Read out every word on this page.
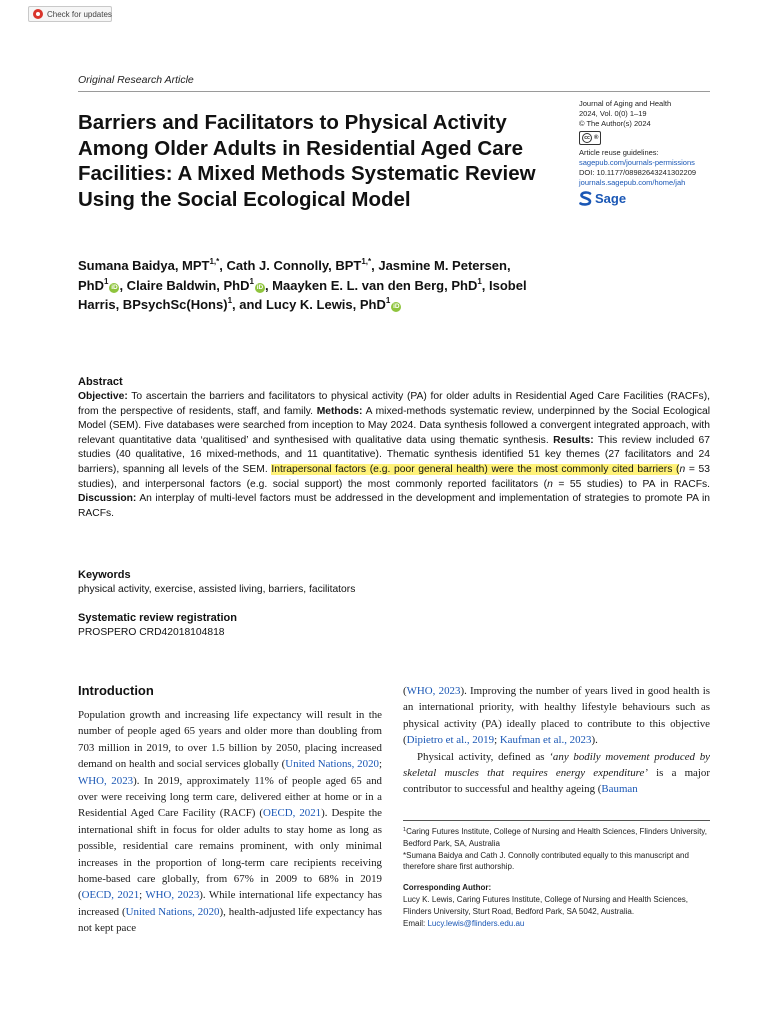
Check for updates
Original Research Article
Barriers and Facilitators to Physical Activity Among Older Adults in Residential Aged Care Facilities: A Mixed Methods Systematic Review Using the Social Ecological Model
Journal of Aging and Health
2024, Vol. 0(0) 1–19
© The Author(s) 2024
cc ®
Article reuse guidelines:
sagepub.com/journals-permissions
DOI: 10.1177/08982643241302209
journals.sagepub.com/home/jah
Sage
Sumana Baidya, $MPT^{1,*}$, Cath J. Connolly, $BPT^{1,*}$, Jasmine M. Petersen, PhD$^1$iD , Claire Baldwin, PhD$^1$iD , Maayken E. L. van den Berg, PhD$^1$, Isobel Harris, BPsychSc(Hons)$^1$, and Lucy K. Lewis, PhD$^1$iD
Abstract
Objective: To ascertain the barriers and facilitators to physical activity (PA) for older adults in Residential Aged Care Facilities (RACFs), from the perspective of residents, staff, and family. Methods: A mixed-methods systematic review, underpinned by the Social Ecological Model (SEM). Five databases were searched from inception to May 2024. Data synthesis followed a convergent integrated approach, with relevant quantitative data ‘qualitised’ and synthesised with qualitative data using thematic synthesis. Results: This review included 67 studies (40 qualitative, 16 mixed-methods, and 11 quantitative). Thematic synthesis identified 51 key themes (27 facilitators and 24 barriers), spanning all levels of the SEM. Intrapersonal factors (e.g. poor general health) were the most commonly cited barriers (n = 53 studies), and interpersonal factors (e.g. social support) the most commonly reported facilitators (n = 55 studies) to PA in RACFs. Discussion: An interplay of multi-level factors must be addressed in the development and implementation of strategies to promote PA in RACFs.
Keywords
physical activity, exercise, assisted living, barriers, facilitators
Systematic review registration
PROSPERO CRD42018104818
Introduction

Population growth and increasing life expectancy will result in the number of people aged 65 years and older more than doubling from 703 million in 2019, to over 1.5 billion by 2050, placing increased demand on health and social services globally (United Nations, 2020; WHO, 2023). In 2019, approximately 11% of people aged 65 and over were receiving long term care, delivered either at home or in a Residential Aged Care Facility (RACF) (OECD, 2021). Despite the international shift in focus for older adults to stay home as long as possible, residential care remains prominent, with only minimal increases in the proportion of long-term care recipients receiving home-based care globally, from 67% in 2009 to 68% in 2019 (OECD, 2021; WHO, 2023). While international life expectancy has increased (United Nations, 2020), health-adjusted life expectancy has not kept pace

(WHO, 2023). Improving the number of years lived in good health is an international priority, with healthy lifestyle behaviours such as physical activity (PA) ideally placed to contribute to this objective (Dipietro et al., 2019; Kaufman et al., 2023).

Physical activity, defined as ‘any bodily movement produced by skeletal muscles that requires energy expenditure’ is a major contributor to successful and healthy ageing (Bauman

$^1$Caring Futures Institute, College of Nursing and Health Sciences, Flinders University, Bedford Park, SA, Australia

*Sumana Baidya and Cath J. Connolly contributed equally to this manuscript and therefore share first authorship.

Corresponding Author:

Lucy K. Lewis, Caring Futures Institute, College of Nursing and Health Sciences, Flinders University, Sturt Road, Bedford Park, SA 5042, Australia.

Email: Lucy.lewis@flinders.edu.au
